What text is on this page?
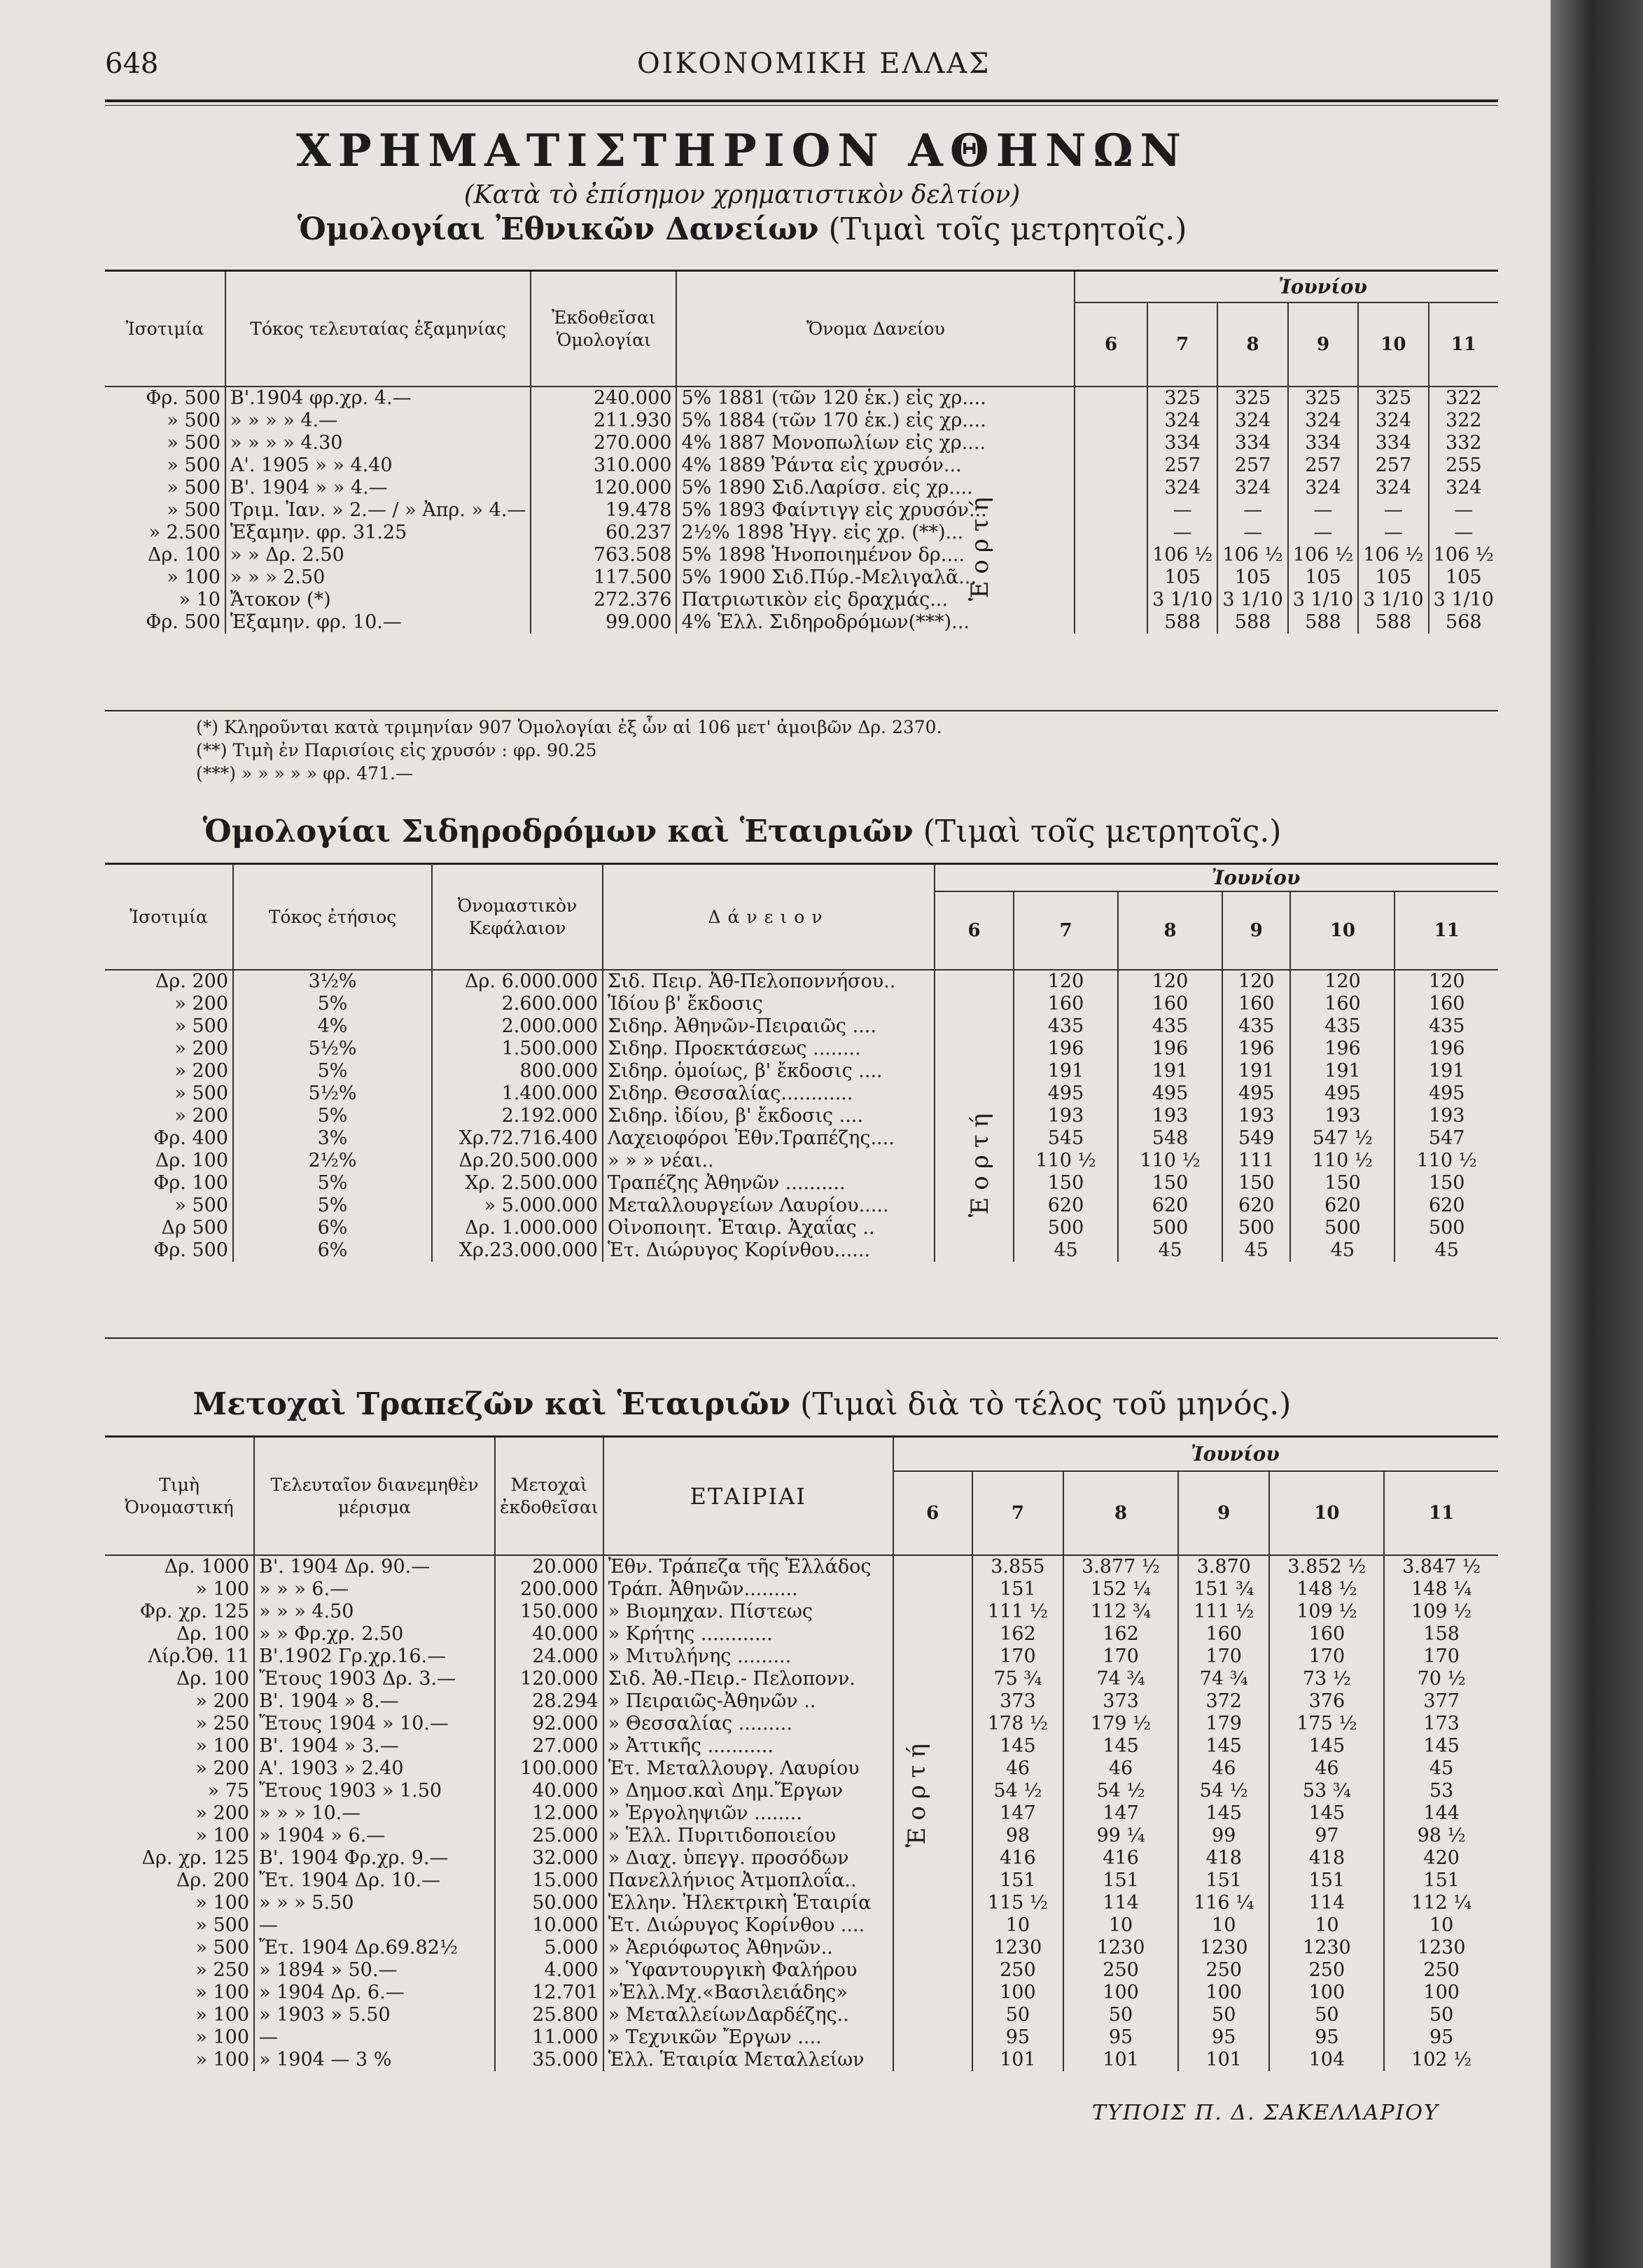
648	ΟΙΚΟΝΟΜΙΚΗ ΕΛΛΑΣ
ΧΡΗΜΑΤΙΣΤΗΡΙΟΝ ΑΘΗΝΩΝ
(Κατὰ τὸ ἐπίσημον χρηματιστικὸν δελτίον)
Ὁμολογίαι Ἐθνικῶν Δανείων (Τιμαὶ τοῖς μετρητοῖς.)
Ἰσοτιμία	Τόκος τελευταίας ἑξαμηνίας	Ἐκδοθεῖσαι Ὁμολογίαι	Ὄνομα Δανείου		Ἰουνίου				
				6	7	8	9	10	11
Φρ. 500	Β'.1904 φρ.χρ. 4.—	240.000	5% 1881 (τῶν 120 ἑκ.) εἰς χρ....		325	325	325	325	322
» 500	» » » » 4.—	211.930	5% 1884 (τῶν 170 ἑκ.) εἰς χρ....		324	324	324	324	322
» 500	» » » » 4.30	270.000	4% 1887 Μονοπωλίων εἰς χρ....		334	334	334	334	332
» 500	Α'. 1905 » » 4.40	310.000	4% 1889 Ῥάντα εἰς χρυσόν...		257	257	257	257	255
» 500	Β'. 1904 » » 4.—	120.000	5% 1890 Σιδ.Λαρίσσ. εἰς χρ....		324	324	324	324	324
» 500	Τριμ. Ἰαν. » 2.— / » Ἀπρ. » 4.—	19.478	5% 1893 Φαίντιγγ εἰς χρυσόν...		—	—	—	—	—
» 2.500	Ἑξαμην. φρ. 31.25	60.237	2½% 1898 Ἠγγ. εἰς χρ. (**)...		—	—	—	—	—
Δρ. 100	» » Δρ. 2.50	763.508	5% 1898 Ἡνοποιημένον δρ....		106 ½	106 ½	106 ½	106 ½	106 ½
» 100	» » » 2.50	117.500	5% 1900 Σιδ.Πύρ.-Μελιγαλᾶ...		105	105	105	105	105
» 10	Ἄτοκον (*)	272.376	Πατριωτικὸν εἰς δραχμάς...		3 1/10	3 1/10	3 1/10	3 1/10	3 1/10
Φρ. 500	Ἑξαμην. φρ. 10.—	99.000	4% Ἑλλ. Σιδηροδρόμων(***)...		588	588	588	588	568
Ἑορτή
(*) Κληροῦνται κατὰ τριμηνίαν 907 Ὁμολογίαι ἐξ ὧν αἱ 106 μετ' ἀμοιβῶν Δρ. 2370.
(**) Τιμὴ ἐν Παρισίοις εἰς χρυσόν : φρ. 90.25
(***) » » » » » φρ. 471.—
Ὁμολογίαι Σιδηροδρόμων καὶ Ἑταιριῶν (Τιμαὶ τοῖς μετρητοῖς.)
Ἰσοτιμία	Τόκος ἐτήσιος	Ὀνομαστικὸν Κεφάλαιον	Δάνειον		Ἰουνίου				
				6	7	8	9	10	11
Δρ. 200	3½%	Δρ. 6.000.000	Σιδ. Πειρ. Ἀθ-Πελοποννήσου..		120	120	120	120	120
» 200	5%	2.600.000	Ἰδίου β' ἔκδοσις		160	160	160	160	160
» 500	4%	2.000.000	Σιδηρ. Ἀθηνῶν-Πειραιῶς ....		435	435	435	435	435
» 200	5½%	1.500.000	Σιδηρ. Προεκτάσεως ........		196	196	196	196	196
» 200	5%	800.000	Σιδηρ. ὁμοίως, β' ἔκδοσις ....		191	191	191	191	191
» 500	5½%	1.400.000	Σιδηρ. Θεσσαλίας............		495	495	495	495	495
» 200	5%	2.192.000	Σιδηρ. ἰδίου, β' ἔκδοσις ....		193	193	193	193	193
Φρ. 400	3%	Χρ.72.716.400	Λαχειοφόροι Ἐθν.Τραπέζης....		545	548	549	547 ½	547
Δρ. 100	2½%	Δρ.20.500.000	» » » νέαι..		110 ½	110 ½	111	110 ½	110 ½
Φρ. 100	5%	Χρ. 2.500.000	Τραπέζης Ἀθηνῶν ..........		150	150	150	150	150
» 500	5%	» 5.000.000	Μεταλλουργείων Λαυρίου.....		620	620	620	620	620
Δρ 500	6%	Δρ. 1.000.000	Οἰνοποιητ. Ἑταιρ. Ἀχαΐας ..		500	500	500	500	500
Φρ. 500	6%	Χρ.23.000.000	Ἑτ. Διώρυγος Κορίνθου......		45	45	45	45	45
Ἑορτή
Μετοχαὶ Τραπεζῶν καὶ Ἑταιριῶν (Τιμαὶ διὰ τὸ τέλος τοῦ μηνός.)
Τιμὴ Ὀνομαστική	Τελευταῖον διανεμηθὲν μέρισμα	Μετοχαὶ ἐκδοθεῖσαι	ΕΤΑΙΡΙΑΙ		Ἰουνίου				
				6	7	8	9	10	11
Δρ. 1000	Β'. 1904 Δρ. 90.—	20.000	Ἐθν. Τράπεζα τῆς Ἑλλάδος		3.855	3.877 ½	3.870	3.852 ½	3.847 ½
» 100	» » » 6.—	200.000	Τράπ. Ἀθηνῶν.........		151	152 ¼	151 ¾	148 ½	148 ¼
Φρ. χρ. 125	» » » 4.50	150.000	» Βιομηχαν. Πίστεως		111 ½	112 ¾	111 ½	109 ½	109 ½
Δρ. 100	» » Φρ.χρ. 2.50	40.000	» Κρήτης ............		162	162	160	160	158
Λίρ.Ὀθ. 11	Β'.1902 Γρ.χρ.16.—	24.000	» Μιτυλήνης .........		170	170	170	170	170
Δρ. 100	Ἔτους 1903 Δρ. 3.—	120.000	Σιδ. Ἀθ.-Πειρ.- Πελοπονν.		75 ¾	74 ¾	74 ¾	73 ½	70 ½
» 200	Β'. 1904 » 8.—	28.294	» Πειραιῶς-Ἀθηνῶν ..		373	373	372	376	377
» 250	Ἔτους 1904 » 10.—	92.000	» Θεσσαλίας .........		178 ½	179 ½	179	175 ½	173
» 100	Β'. 1904 » 3.—	27.000	» Ἀττικῆς ...........		145	145	145	145	145
» 200	Α'. 1903 » 2.40	100.000	Ἑτ. Μεταλλουργ. Λαυρίου		46	46	46	46	45
» 75	Ἔτους 1903 » 1.50	40.000	» Δημοσ.καὶ Δημ.Ἔργων		54 ½	54 ½	54 ½	53 ¾	53
» 200	» » » 10.—	12.000	» Ἐργοληψιῶν ........		147	147	145	145	144
» 100	» 1904 » 6.—	25.000	» Ἑλλ. Πυριτιδοποιείου		98	99 ¼	99	97	98 ½
Δρ. χρ. 125	Β'. 1904 Φρ.χρ. 9.—	32.000	» Διαχ. ὑπεγγ. προσόδων		416	416	418	418	420
Δρ. 200	Ἔτ. 1904 Δρ. 10.—	15.000	Πανελλήνιος Ἀτμοπλοΐα..		151	151	151	151	151
» 100	» » » 5.50	50.000	Ἑλλην. Ἠλεκτρικὴ Ἑταιρία		115 ½	114	116 ¼	114	112 ¼
» 500	—	10.000	Ἑτ. Διώρυγος Κορίνθου ....		10	10	10	10	10
» 500	Ἔτ. 1904 Δρ.69.82½	5.000	» Ἀεριόφωτος Ἀθηνῶν..		1230	1230	1230	1230	1230
» 250	» 1894 » 50.—	4.000	» Ὑφαντουργικὴ Φαλήρου		250	250	250	250	250
» 100	» 1904 Δρ. 6.—	12.701	»Ἑλλ.Μχ.«Βασιλειάδης»		100	100	100	100	100
» 100	» 1903 » 5.50	25.800	» ΜεταλλείωνΔαρδέζης..		50	50	50	50	50
» 100	—	11.000	» Τεχνικῶν Ἔργων ....		95	95	95	95	95
» 100	» 1904 — 3 %	35.000	Ἑλλ. Ἑταιρία Μεταλλείων		101	101	101	104	102 ½
Ἑορτή
ΤΥΠΟΙΣ Π. Δ. ΣΑΚΕΛΛΑΡΙΟΥ
